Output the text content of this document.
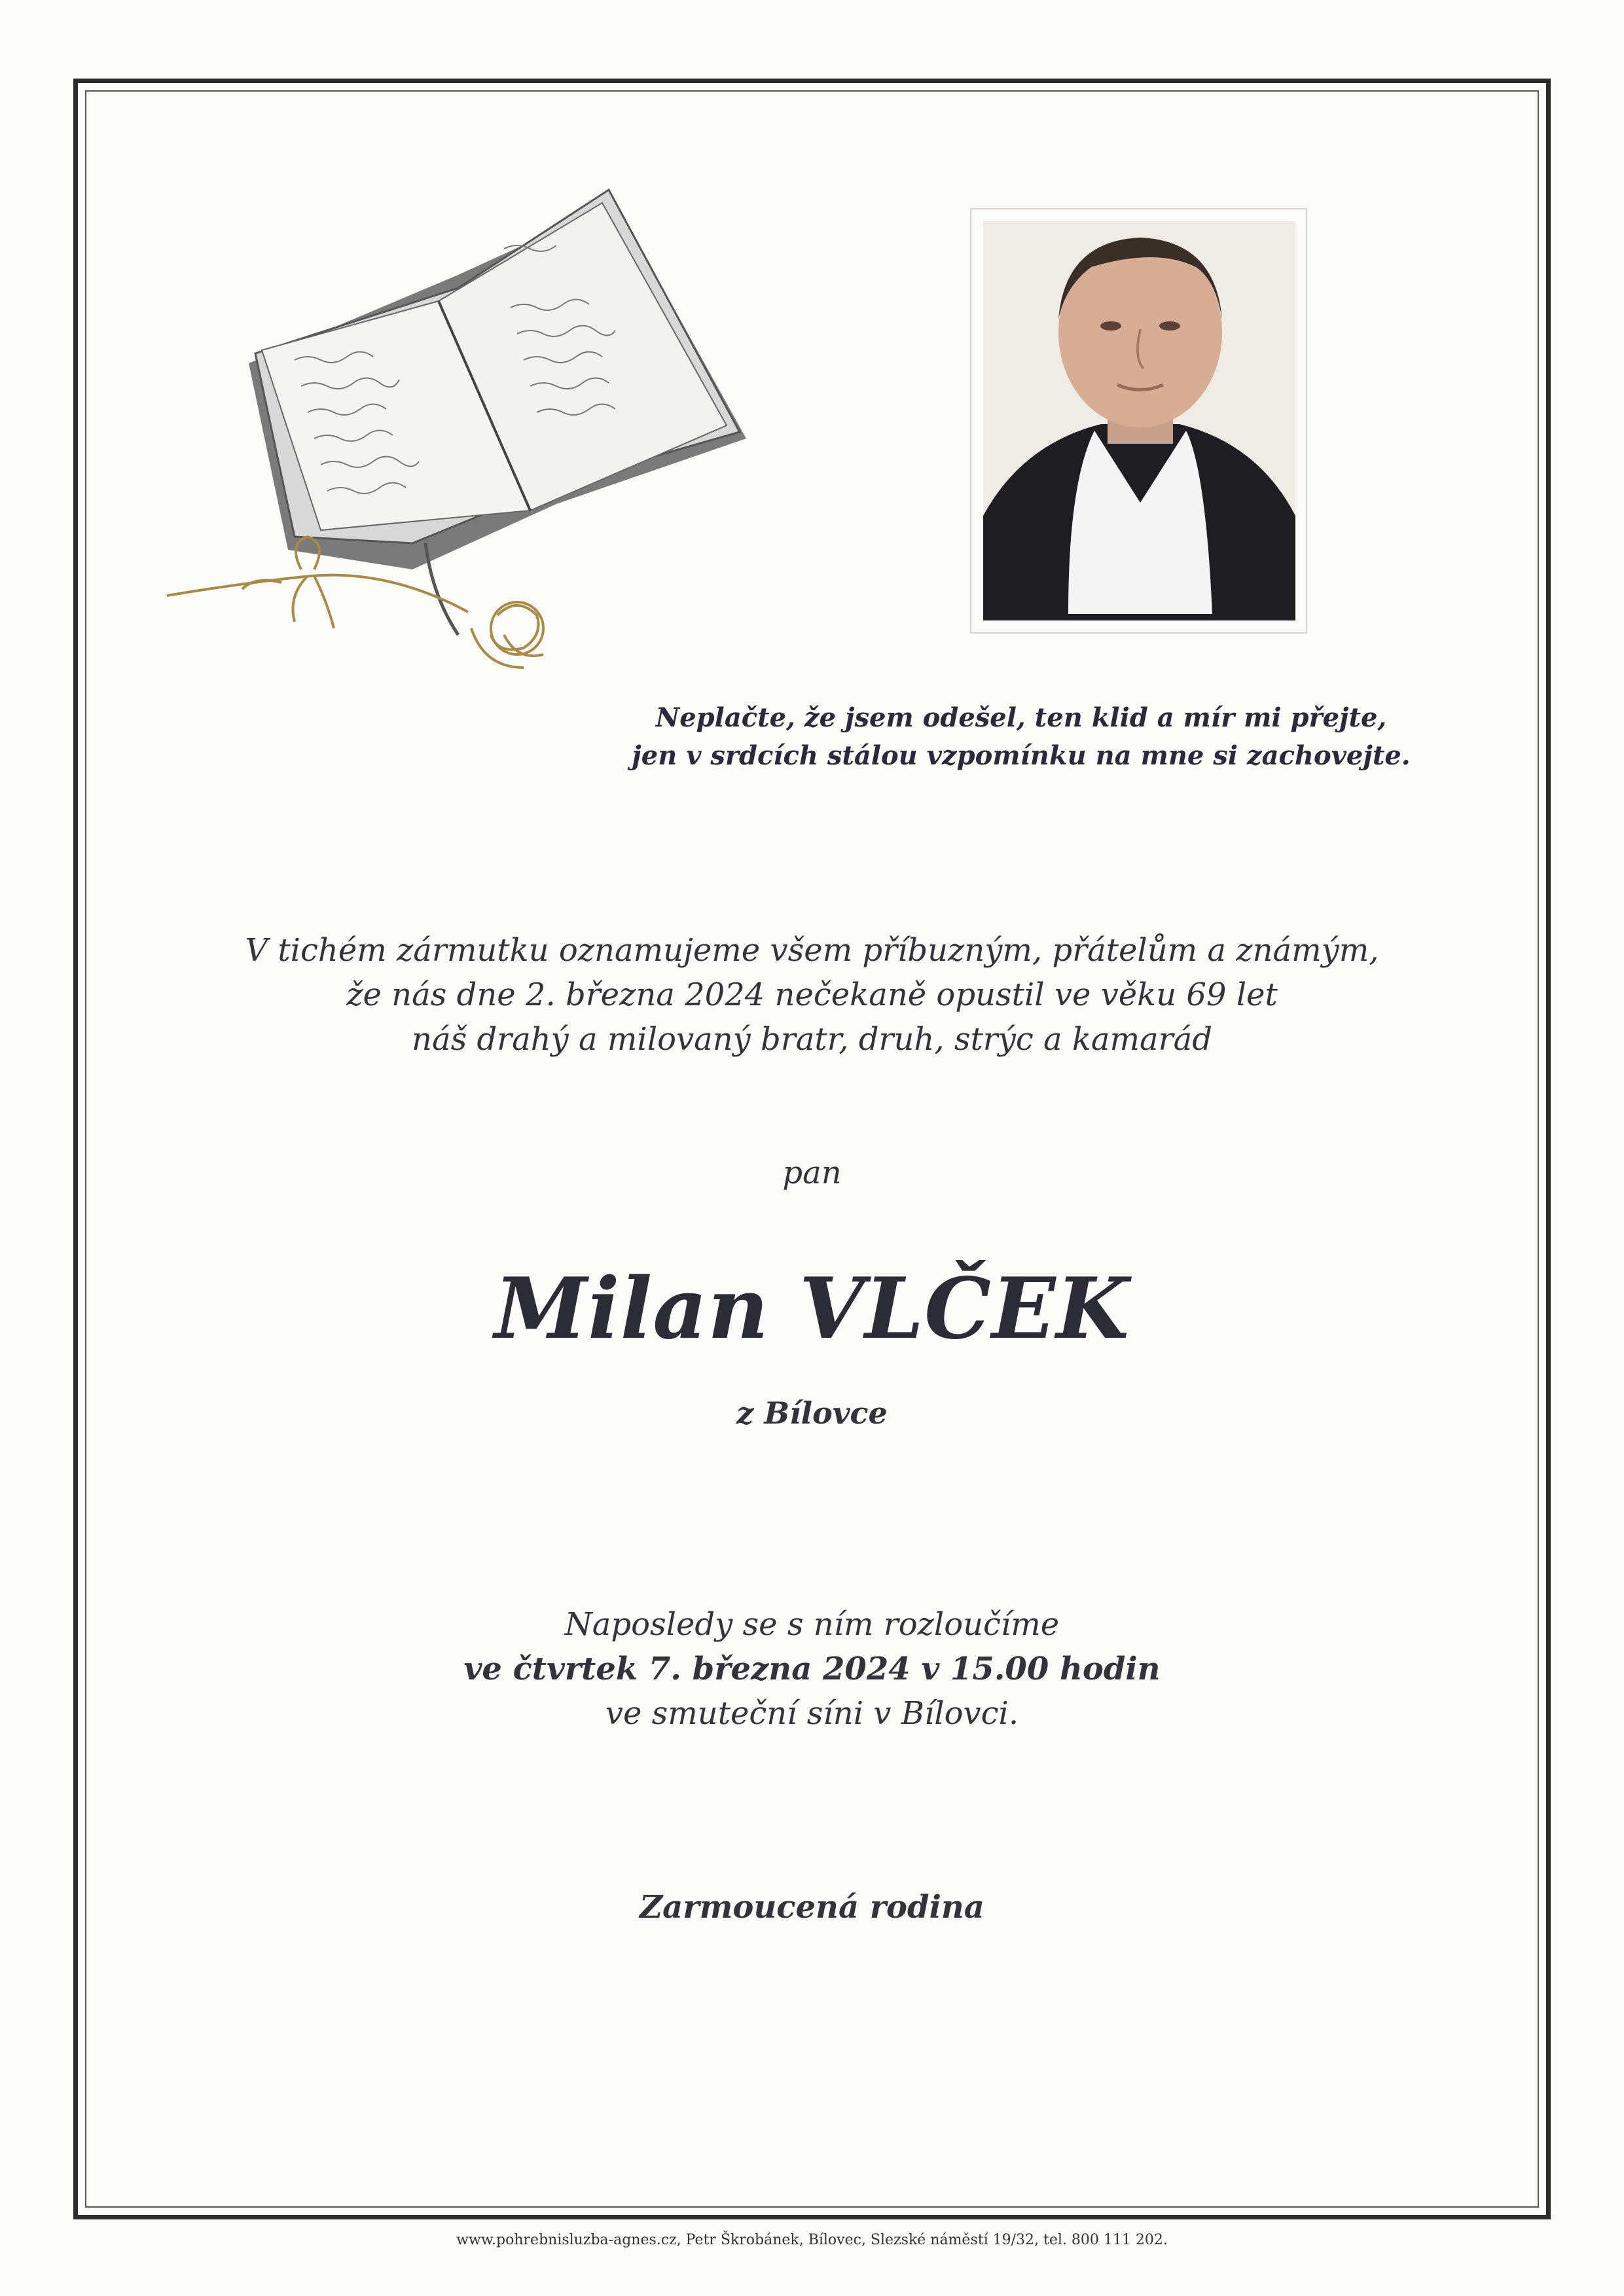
Neplačte, že jsem odešel, ten klid a mír mi přejte,
jen v srdcích stálou vzpomínku na mne si zachovejte.
V tichém zármutku oznamujeme všem příbuzným, přátelům a známým,
že nás dne 2. března 2024 nečekaně opustil ve věku 69 let
náš drahý a milovaný bratr, druh, strýc a kamarád
pan
Milan VLČEK
z Bílovce
Naposledy se s ním rozloučíme
ve čtvrtek 7. března 2024 v 15.00 hodin
ve smuteční síni v Bílovci.
Zarmoucená rodina
www.pohrebnisluzba-agnes.cz, Petr Škrobánek, Bílovec, Slezské náměstí 19/32, tel. 800 111 202.
